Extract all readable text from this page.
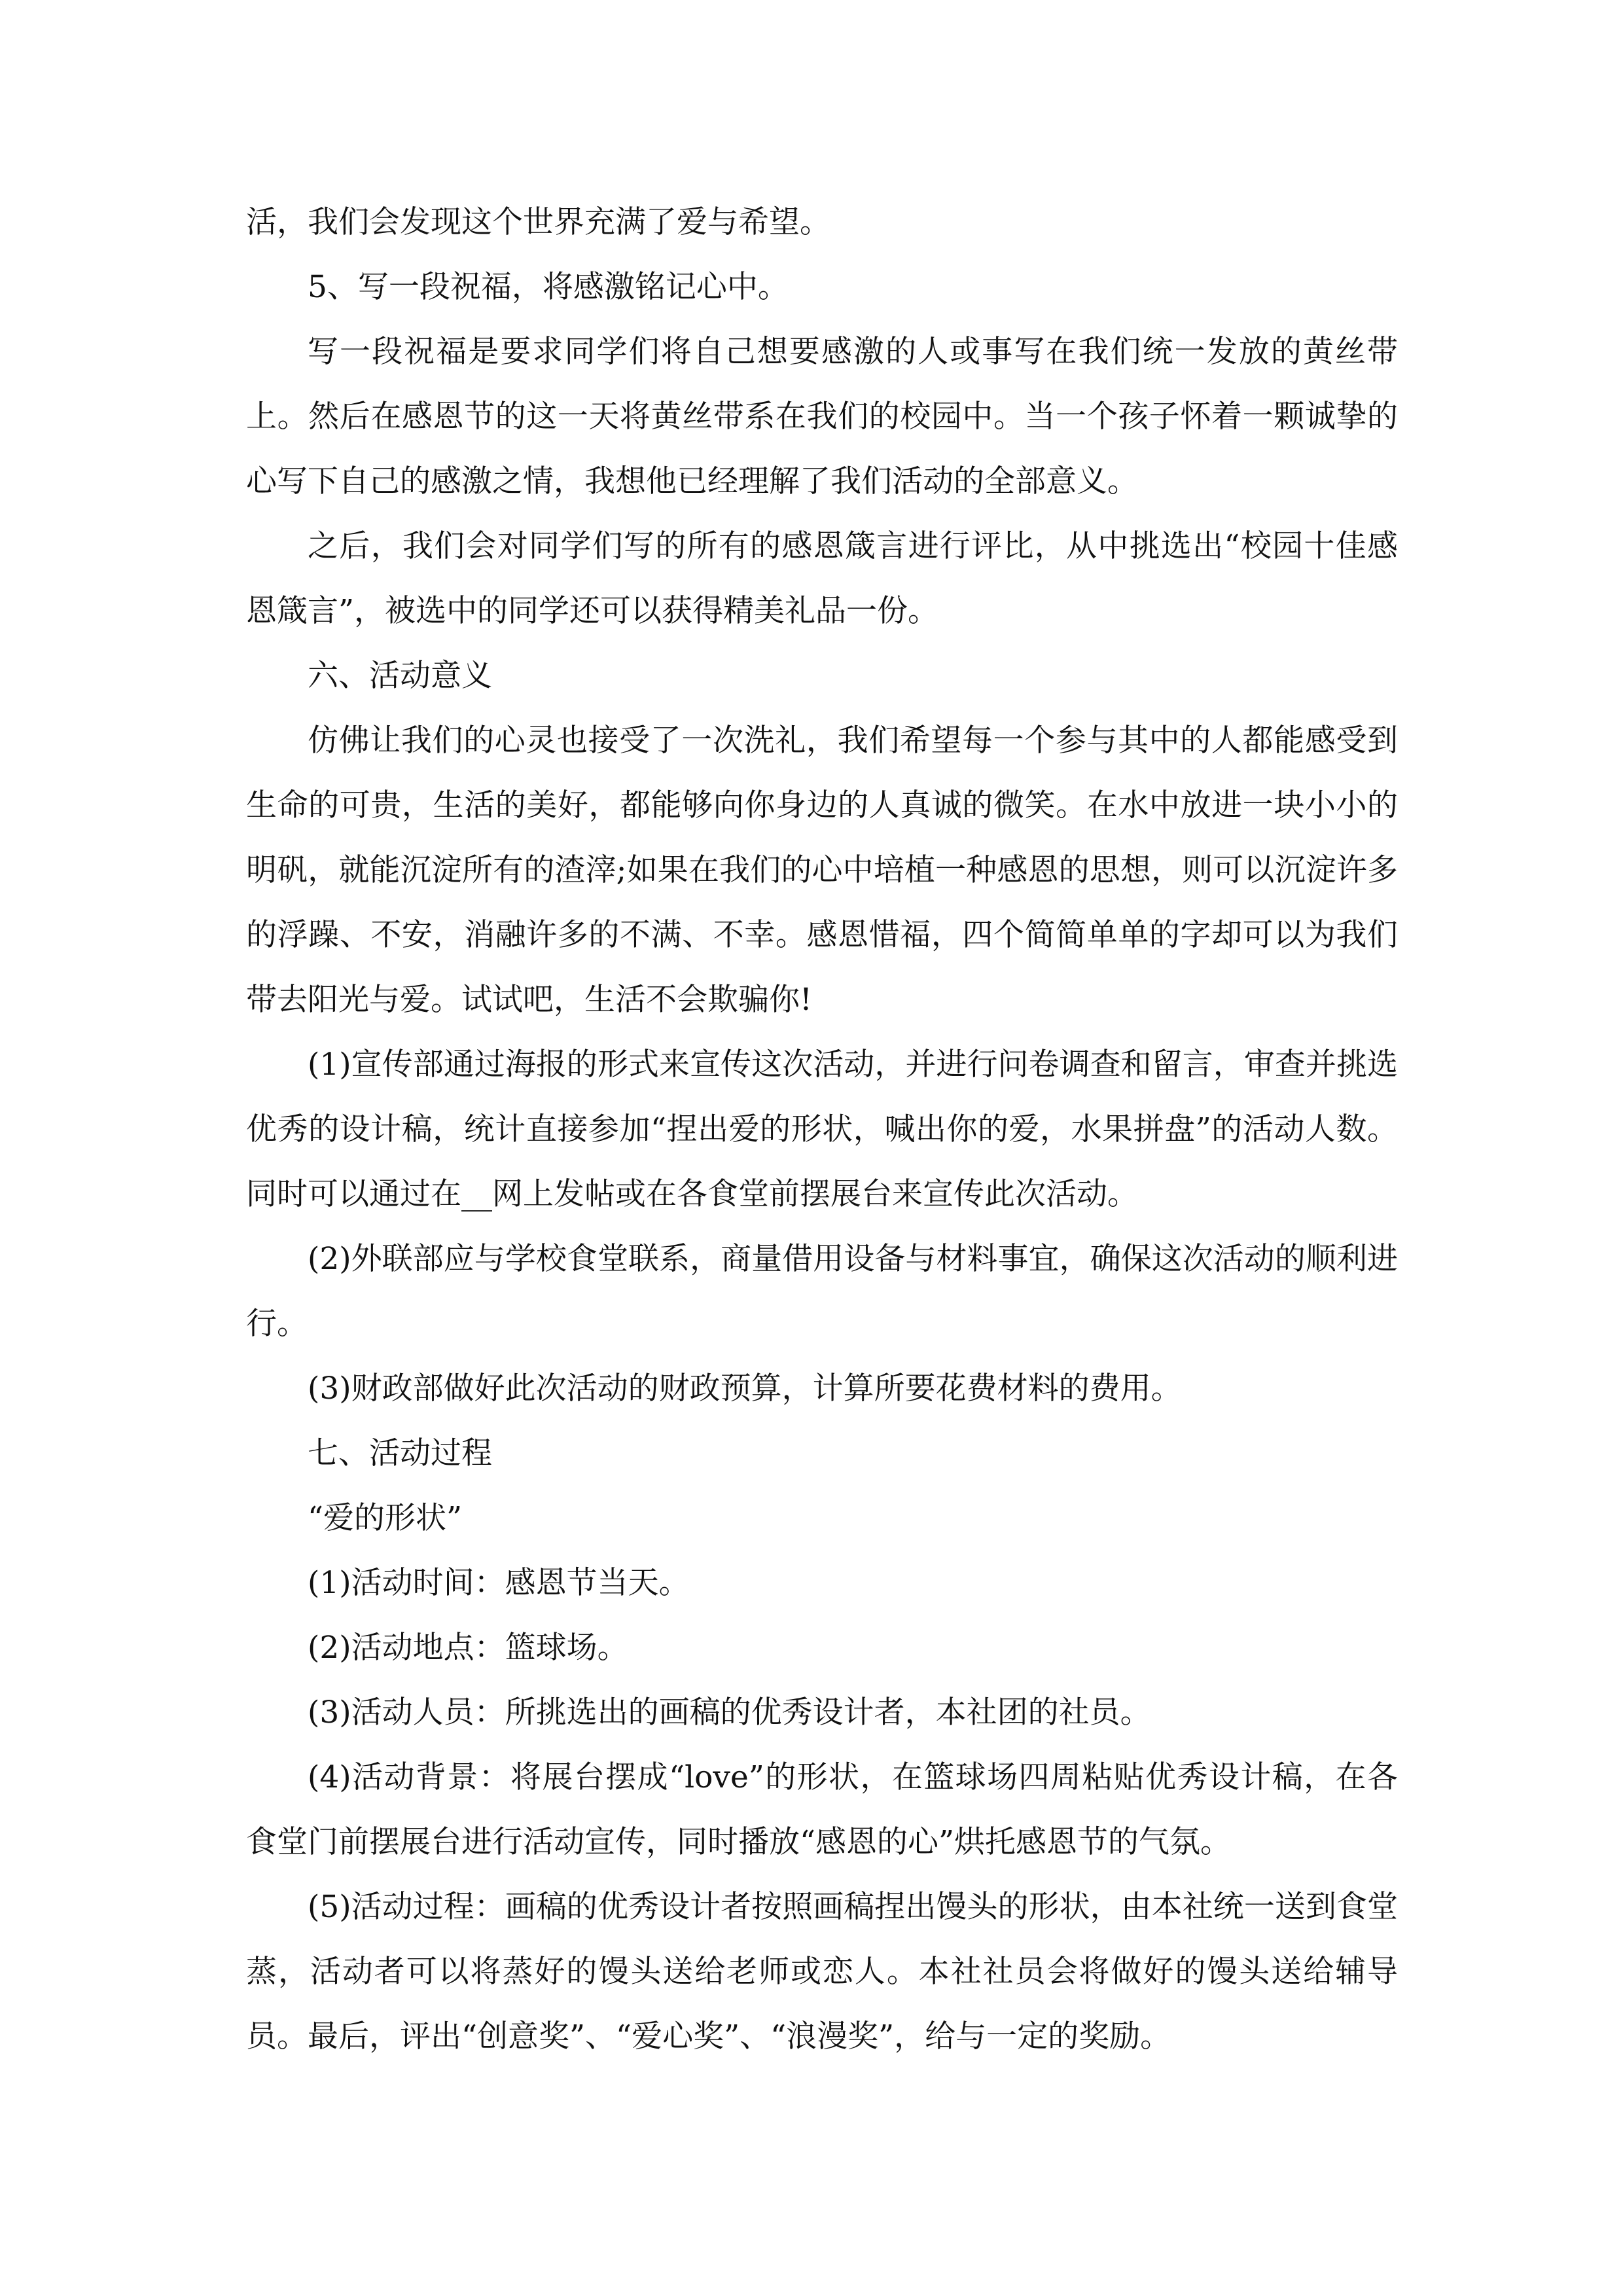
活，我们会发现这个世界充满了爱与希望。

5、写一段祝福，将感激铭记心中。

写一段祝福是要求同学们将自己想要感激的人或事写在我们统一发放的黄丝带上。然后在感恩节的这一天将黄丝带系在我们的校园中。当一个孩子怀着一颗诚挚的心写下自己的感激之情，我想他已经理解了我们活动的全部意义。

之后，我们会对同学们写的所有的感恩箴言进行评比，从中挑选出“校园十佳感恩箴言”，被选中的同学还可以获得精美礼品一份。

六、活动意义

仿佛让我们的心灵也接受了一次洗礼，我们希望每一个参与其中的人都能感受到生命的可贵，生活的美好，都能够向你身边的人真诚的微笑。在水中放进一块小小的明矾，就能沉淀所有的渣滓;如果在我们的心中培植一种感恩的思想，则可以沉淀许多的浮躁、不安，消融许多的不满、不幸。感恩惜福，四个简简单单的字却可以为我们带去阳光与爱。试试吧，生活不会欺骗你!

(1)宣传部通过海报的形式来宣传这次活动，并进行问卷调查和留言，审查并挑选优秀的设计稿，统计直接参加“捏出爱的形状，喊出你的爱，水果拼盘”的活动人数。同时可以通过在__网上发帖或在各食堂前摆展台来宣传此次活动。

(2)外联部应与学校食堂联系，商量借用设备与材料事宜，确保这次活动的顺利进行。

(3)财政部做好此次活动的财政预算，计算所要花费材料的费用。

七、活动过程

“爱的形状”

(1)活动时间：感恩节当天。

(2)活动地点：篮球场。

(3)活动人员：所挑选出的画稿的优秀设计者，本社团的社员。

(4)活动背景：将展台摆成“love”的形状，在篮球场四周粘贴优秀设计稿，在各食堂门前摆展台进行活动宣传，同时播放“感恩的心”烘托感恩节的气氛。

(5)活动过程：画稿的优秀设计者按照画稿捏出馒头的形状，由本社统一送到食堂蒸，活动者可以将蒸好的馒头送给老师或恋人。本社社员会将做好的馒头送给辅导员。最后，评出“创意奖”、“爱心奖”、“浪漫奖”，给与一定的奖励。
